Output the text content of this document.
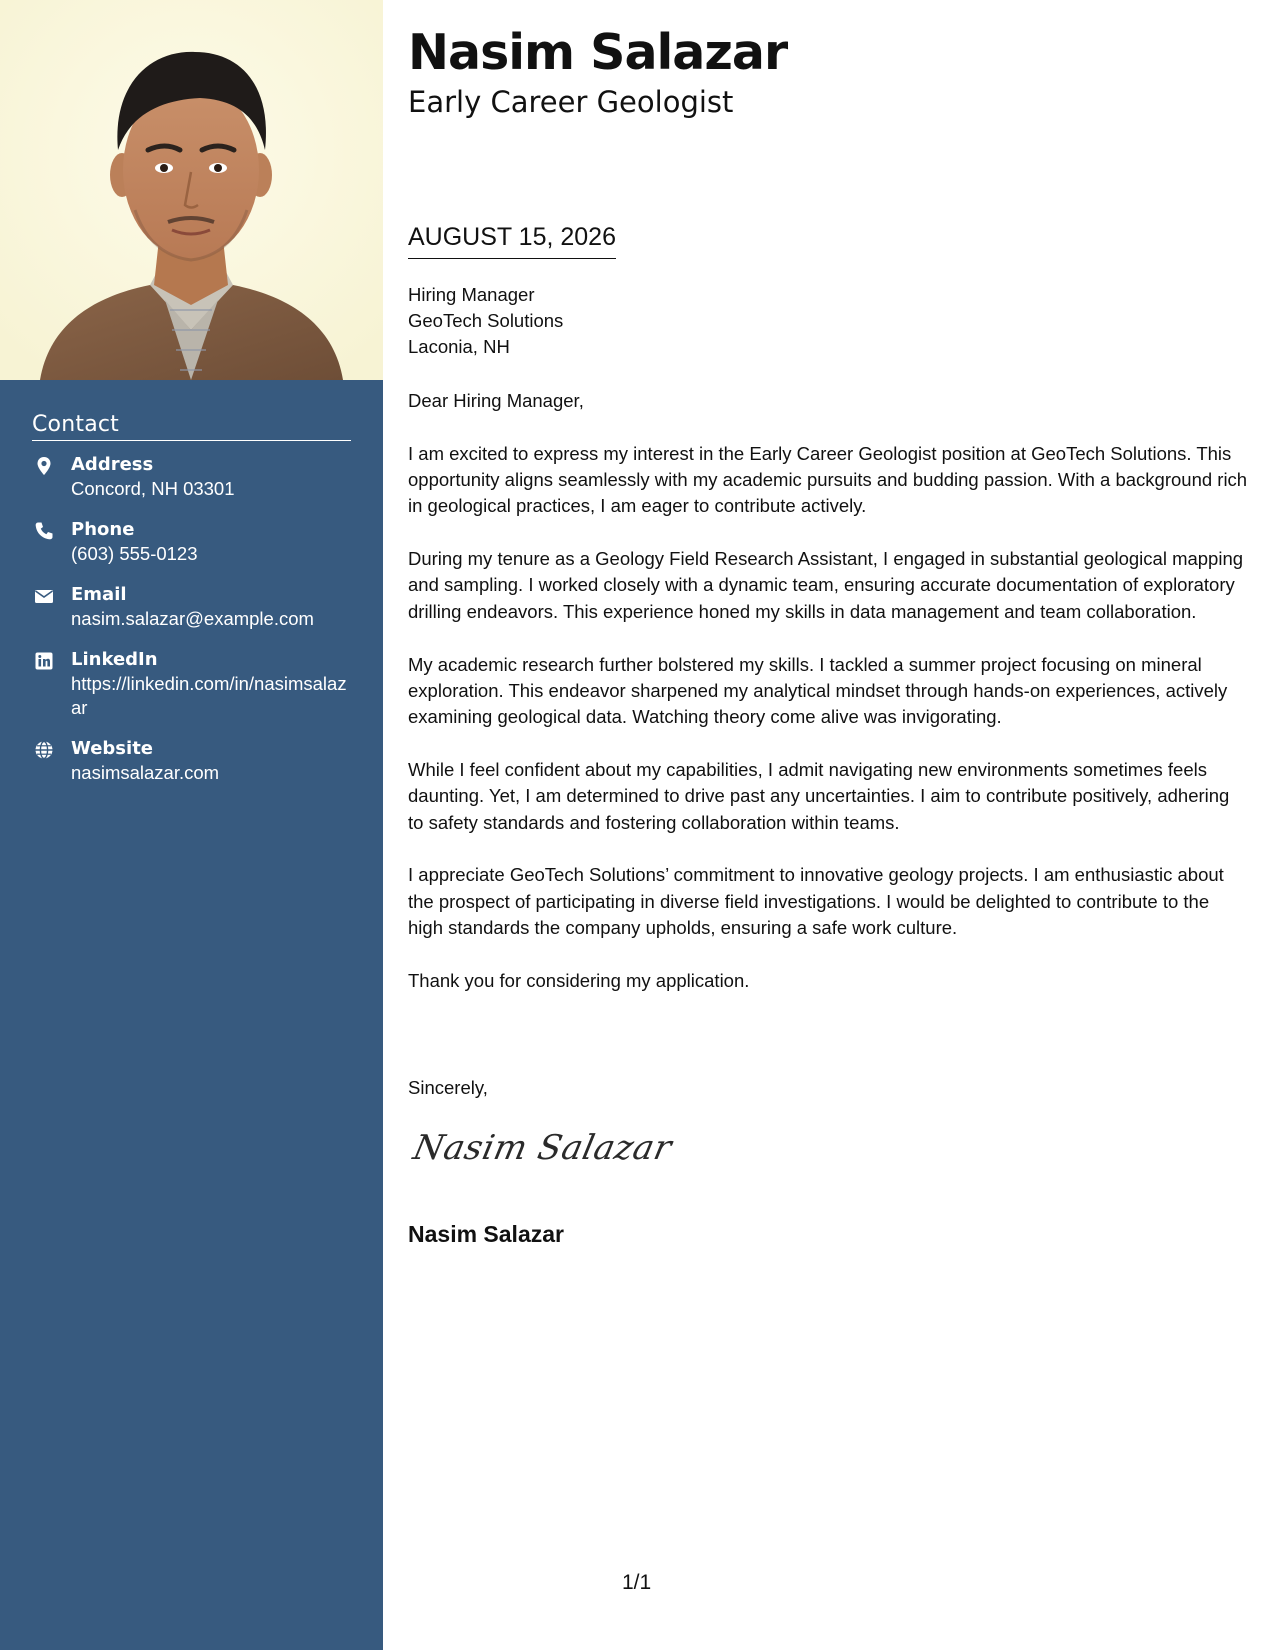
Contact
Address
Concord, NH 03301
Phone
(603) 555-0123
Email
nasim.salazar@example.com
LinkedIn
https://linkedin.com/in/nasimsalazar
Website
nasimsalazar.com
Nasim Salazar
Early Career Geologist
AUGUST 15, 2026
Hiring Manager
GeoTech Solutions
Laconia, NH

Dear Hiring Manager,

I am excited to express my interest in the Early Career Geologist position at GeoTech Solutions. This opportunity aligns seamlessly with my academic pursuits and budding passion. With a background rich in geological practices, I am eager to contribute actively.

During my tenure as a Geology Field Research Assistant, I engaged in substantial geological mapping and sampling. I worked closely with a dynamic team, ensuring accurate documentation of exploratory drilling endeavors. This experience honed my skills in data management and team collaboration.

My academic research further bolstered my skills. I tackled a summer project focusing on mineral exploration. This endeavor sharpened my analytical mindset through hands-on experiences, actively examining geological data. Watching theory come alive was invigorating.

While I feel confident about my capabilities, I admit navigating new environments sometimes feels daunting. Yet, I am determined to drive past any uncertainties. I aim to contribute positively, adhering to safety standards and fostering collaboration within teams.

I appreciate GeoTech Solutions’ commitment to innovative geology projects. I am enthusiastic about the prospect of participating in diverse field investigations. I would be delighted to contribute to the high standards the company upholds, ensuring a safe work culture.

Thank you for considering my application.

Sincerely,
Nasim Salazar
Nasim Salazar
1/1
